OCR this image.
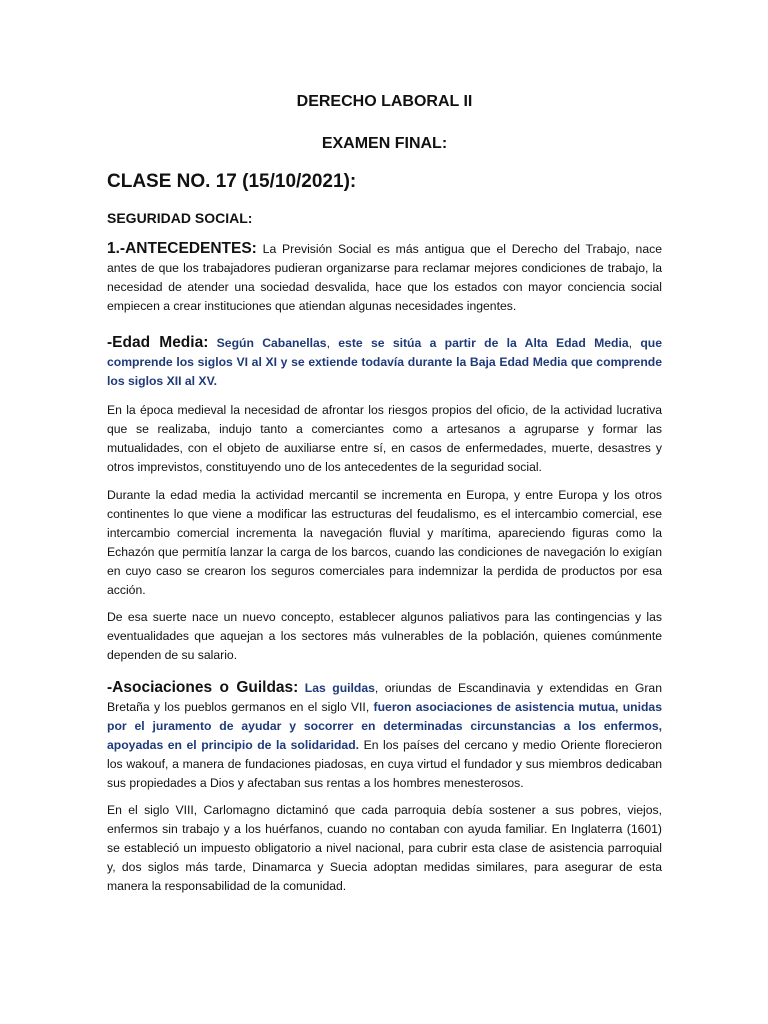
DERECHO LABORAL II
EXAMEN FINAL:
CLASE NO. 17 (15/10/2021):
SEGURIDAD SOCIAL:

1.-ANTECEDENTES: La Previsión Social es más antigua que el Derecho del Trabajo, nace antes de que los trabajadores pudieran organizarse para reclamar mejores condiciones de trabajo, la necesidad de atender una sociedad desvalida, hace que los estados con mayor conciencia social empiecen a crear instituciones que atiendan algunas necesidades ingentes.

-Edad Media: Según Cabanellas, este se sitúa a partir de la Alta Edad Media, que comprende los siglos VI al XI y se extiende todavía durante la Baja Edad Media que comprende los siglos XII al XV.

En la época medieval la necesidad de afrontar los riesgos propios del oficio, de la actividad lucrativa que se realizaba, indujo tanto a comerciantes como a artesanos a agruparse y formar las mutualidades, con el objeto de auxiliarse entre sí, en casos de enfermedades, muerte, desastres y otros imprevistos, constituyendo uno de los antecedentes de la seguridad social.

Durante la edad media la actividad mercantil se incrementa en Europa, y entre Europa y los otros continentes lo que viene a modificar las estructuras del feudalismo, es el intercambio comercial, ese intercambio comercial incrementa la navegación fluvial y marítima, apareciendo figuras como la Echazón que permitía lanzar la carga de los barcos, cuando las condiciones de navegación lo exigían en cuyo caso se crearon los seguros comerciales para indemnizar la perdida de productos por esa acción.

De esa suerte nace un nuevo concepto, establecer algunos paliativos para las contingencias y las eventualidades que aquejan a los sectores más vulnerables de la población, quienes comúnmente dependen de su salario.

-Asociaciones o Guildas: Las guildas, oriundas de Escandinavia y extendidas en Gran Bretaña y los pueblos germanos en el siglo VII, fueron asociaciones de asistencia mutua, unidas por el juramento de ayudar y socorrer en determinadas circunstancias a los enfermos, apoyadas en el principio de la solidaridad. En los países del cercano y medio Oriente florecieron los wakouf, a manera de fundaciones piadosas, en cuya virtud el fundador y sus miembros dedicaban sus propiedades a Dios y afectaban sus rentas a los hombres menesterosos.

En el siglo VIII, Carlomagno dictaminó que cada parroquia debía sostener a sus pobres, viejos, enfermos sin trabajo y a los huérfanos, cuando no contaban con ayuda familiar. En Inglaterra (1601) se estableció un impuesto obligatorio a nivel nacional, para cubrir esta clase de asistencia parroquial y, dos siglos más tarde, Dinamarca y Suecia adoptan medidas similares, para asegurar de esta manera la responsabilidad de la comunidad.
